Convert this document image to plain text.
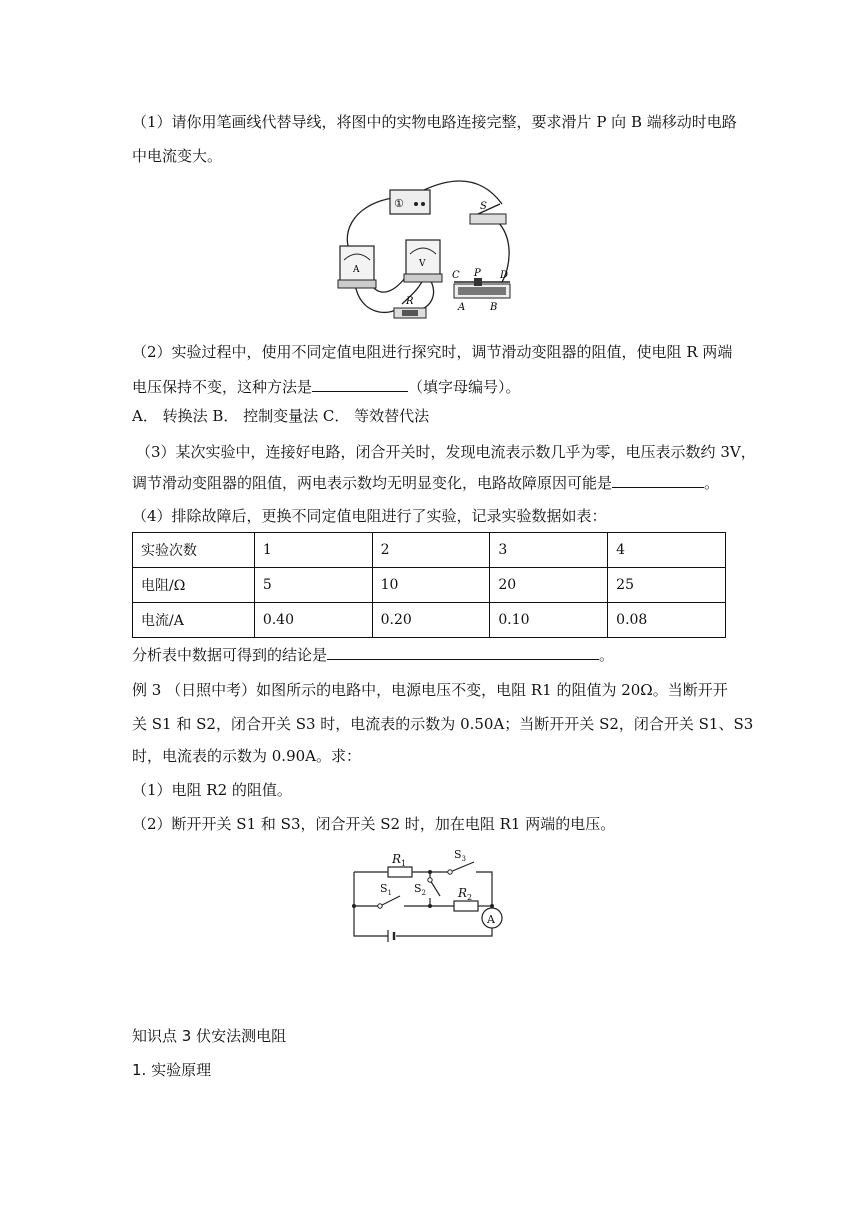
（1）请你用笔画线代替导线，将图中的实物电路连接完整，要求滑片 P 向 B 端移动时电路
中电流变大。
①	S
A
V
R
C P D
A B
（2）实验过程中，使用不同定值电阻进行探究时，调节滑动变阻器的阻值，使电阻 R 两端
电压保持不变，这种方法是	（填字母编号）。
A． 转换法 B． 控制变量法 C． 等效替代法
（3）某次实验中，连接好电路，闭合开关时，发现电流表示数几乎为零，电压表示数约 3V，
调节滑动变阻器的阻值，两电表示数均无明显变化，电路故障原因可能是	。
（4）排除故障后，更换不同定值电阻进行了实验，记录实验数据如表：
实验次数	1	2	3	4
电阻/Ω	5	10	20	25
电流/A	0.40	0.20	0.10	0.08
分析表中数据可得到的结论是	。
例 3 （日照中考）如图所示的电路中，电源电压不变，电阻 R1 的阻值为 20Ω。当断开开
关 S1 和 S2，闭合开关 S3 时，电流表的示数为 0.50A；当断开开关 S2，闭合开关 S1、S3
时，电流表的示数为 0.90A。求：
（1）电阻 R2 的阻值。
（2）断开开关 S1 和 S3，闭合开关 S2 时，加在电阻 R1 两端的电压。
$R_1$
$R_2$
$S_1$ $S_2$
$S_3$
A
知识点 3 伏安法测电阻
1. 实验原理
